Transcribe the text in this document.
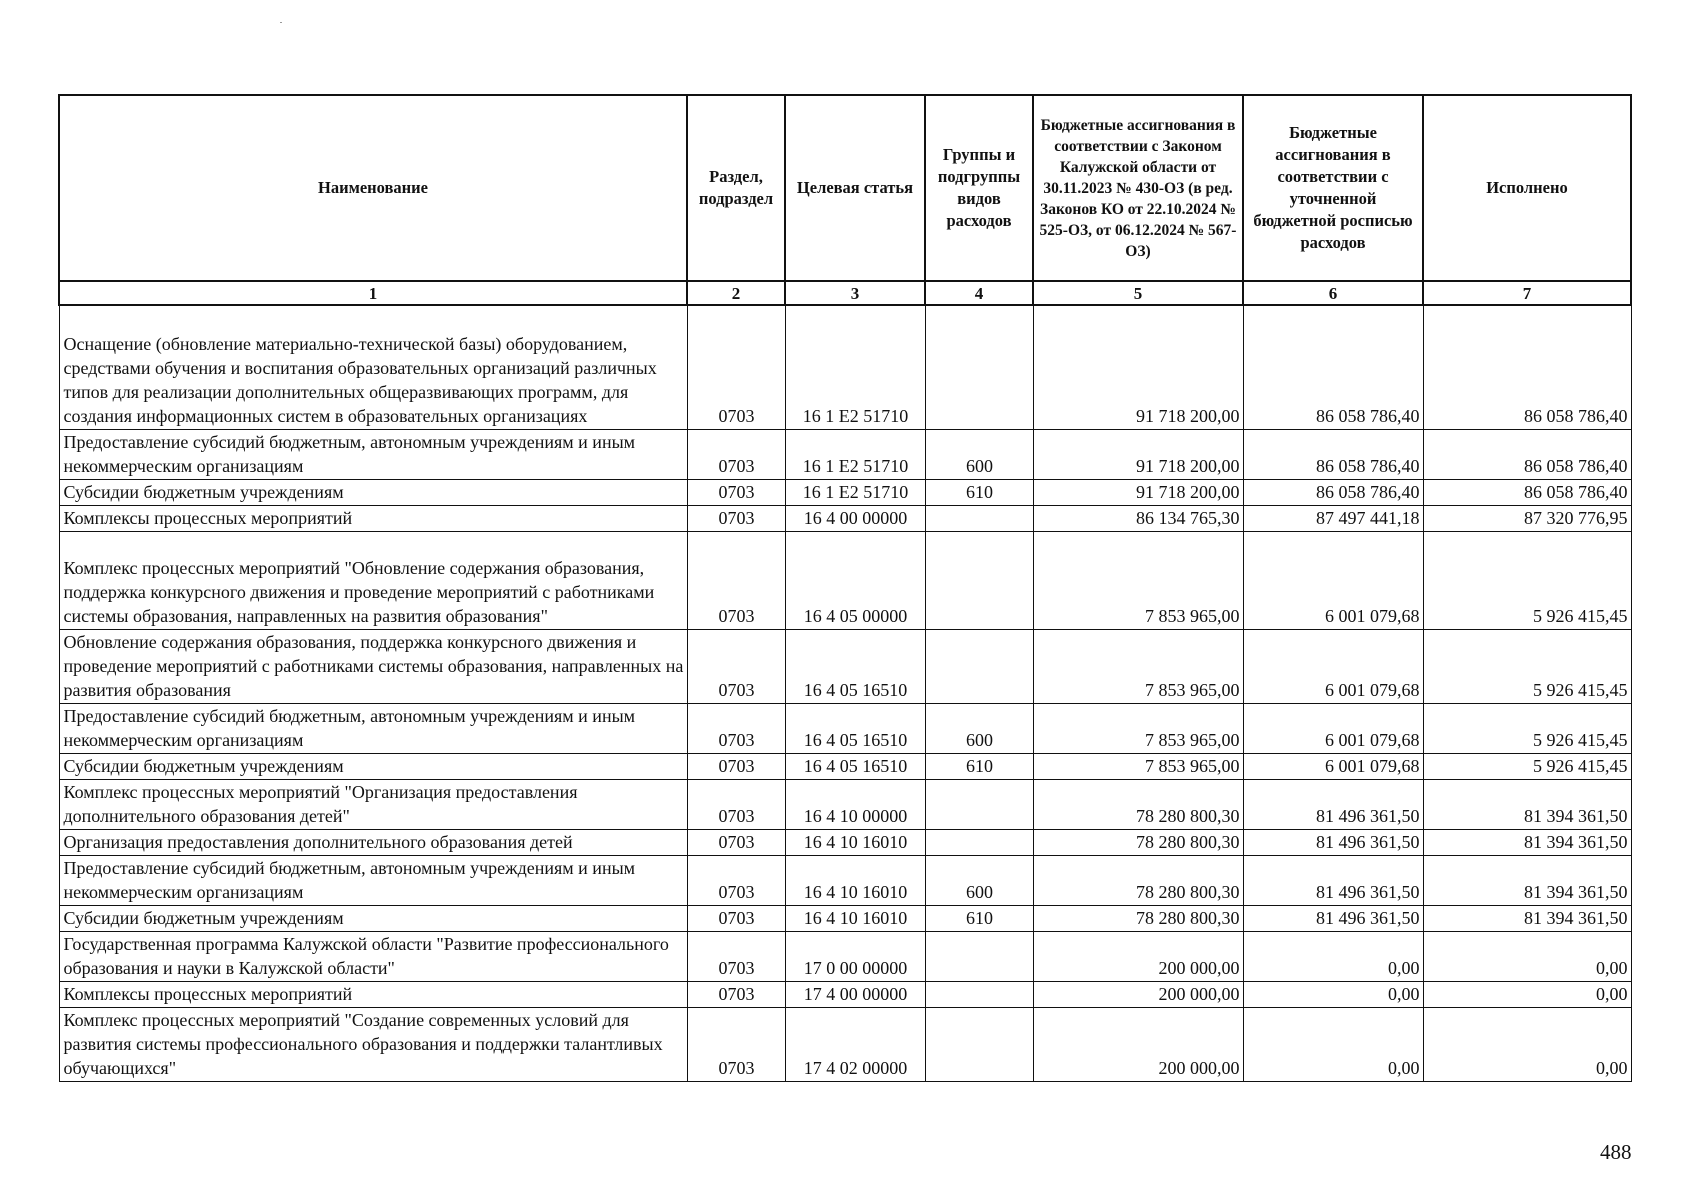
Наименование	Раздел, подраздел	Целевая статья	Группы и подгруппы видов расходов	Бюджетные ассигнования в соответствии с Законом Калужской области от 30.11.2023 № 430-ОЗ (в ред. Законов КО от 22.10.2024 № 525-ОЗ, от 06.12.2024 № 567-ОЗ)	Бюджетные ассигнования в соответствии с уточненной бюджетной росписью расходов	Исполнено
1	2	3	4	5	6	7
Оснащение (обновление материально-технической базы) оборудованием, средствами обучения и воспитания образовательных организаций различных типов для реализации дополнительных общеразвивающих программ, для создания информационных систем в образовательных организациях	0703	16 1 Е2 51710		91 718 200,00	86 058 786,40	86 058 786,40
Предоставление субсидий бюджетным, автономным учреждениям и иным некоммерческим организациям	0703	16 1 Е2 51710	600	91 718 200,00	86 058 786,40	86 058 786,40
Субсидии бюджетным учреждениям	0703	16 1 Е2 51710	610	91 718 200,00	86 058 786,40	86 058 786,40
Комплексы процессных мероприятий	0703	16 4 00 00000		86 134 765,30	87 497 441,18	87 320 776,95
Комплекс процессных мероприятий "Обновление содержания образования, поддержка конкурсного движения и проведение мероприятий с работниками системы образования, направленных на развития образования"	0703	16 4 05 00000		7 853 965,00	6 001 079,68	5 926 415,45
Обновление содержания образования, поддержка конкурсного движения и проведение мероприятий с работниками системы образования, направленных на развития образования	0703	16 4 05 16510		7 853 965,00	6 001 079,68	5 926 415,45
Предоставление субсидий бюджетным, автономным учреждениям и иным некоммерческим организациям	0703	16 4 05 16510	600	7 853 965,00	6 001 079,68	5 926 415,45
Субсидии бюджетным учреждениям	0703	16 4 05 16510	610	7 853 965,00	6 001 079,68	5 926 415,45
Комплекс процессных мероприятий "Организация предоставления дополнительного образования детей"	0703	16 4 10 00000		78 280 800,30	81 496 361,50	81 394 361,50
Организация предоставления дополнительного образования детей	0703	16 4 10 16010		78 280 800,30	81 496 361,50	81 394 361,50
Предоставление субсидий бюджетным, автономным учреждениям и иным некоммерческим организациям	0703	16 4 10 16010	600	78 280 800,30	81 496 361,50	81 394 361,50
Субсидии бюджетным учреждениям	0703	16 4 10 16010	610	78 280 800,30	81 496 361,50	81 394 361,50
Государственная программа Калужской области "Развитие профессионального образования и науки в Калужской области"	0703	17 0 00 00000		200 000,00	0,00	0,00
Комплексы процессных мероприятий	0703	17 4 00 00000		200 000,00	0,00	0,00
Комплекс процессных мероприятий "Создание современных условий для развития системы профессионального образования и поддержки талантливых обучающихся"	0703	17 4 02 00000		200 000,00	0,00	0,00
488
